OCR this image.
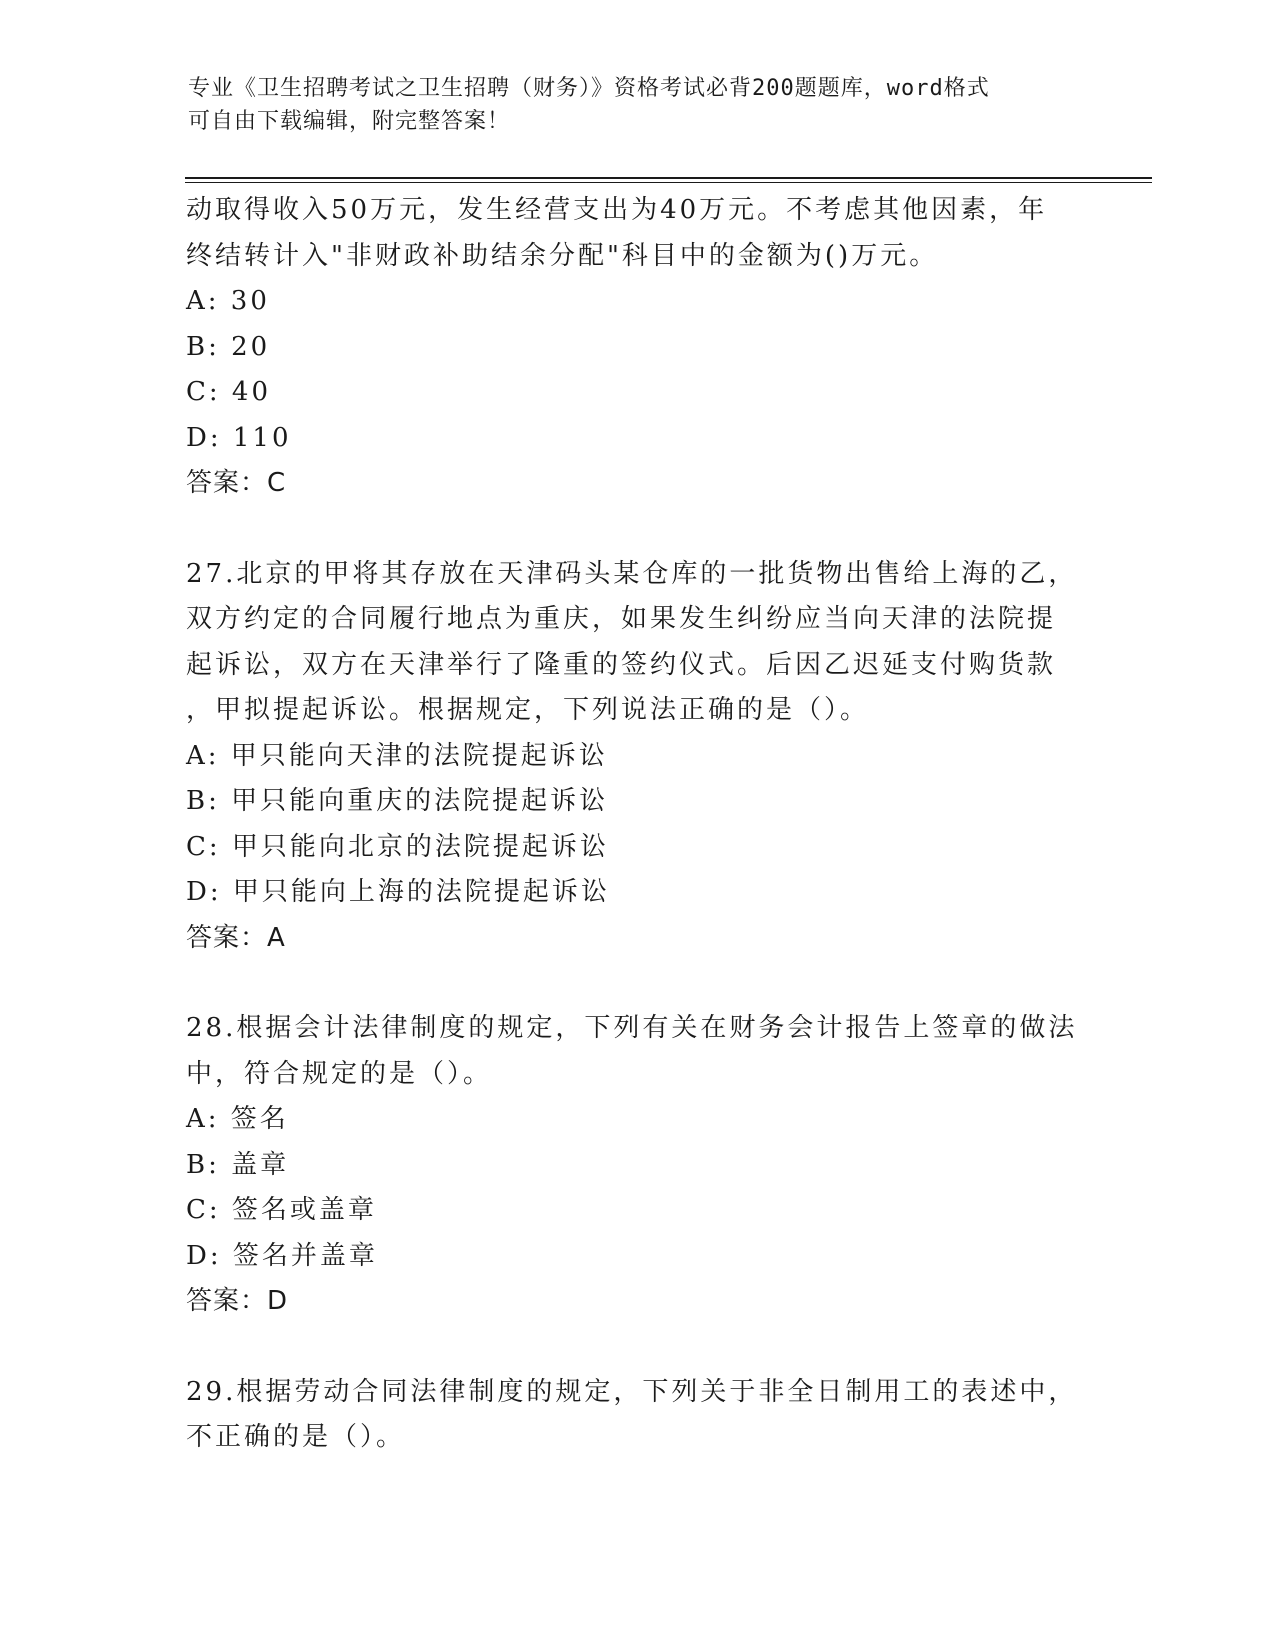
专业《卫生招聘考试之卫生招聘（财务）》资格考试必背200题题库，word格式
可自由下载编辑，附完整答案！
动取得收入50万元，发生经营支出为40万元。不考虑其他因素，年
终结转计入"非财政补助结余分配"科目中的金额为()万元。
A: 30
B: 20
C: 40
D: 110
答案：C
27.北京的甲将其存放在天津码头某仓库的一批货物出售给上海的乙，
双方约定的合同履行地点为重庆，如果发生纠纷应当向天津的法院提
起诉讼，双方在天津举行了隆重的签约仪式。后因乙迟延支付购货款
，甲拟提起诉讼。根据规定，下列说法正确的是（）。
A: 甲只能向天津的法院提起诉讼
B: 甲只能向重庆的法院提起诉讼
C: 甲只能向北京的法院提起诉讼
D: 甲只能向上海的法院提起诉讼
答案：A
28.根据会计法律制度的规定，下列有关在财务会计报告上签章的做法
中，符合规定的是（）。
A: 签名
B: 盖章
C: 签名或盖章
D: 签名并盖章
答案：D
29.根据劳动合同法律制度的规定，下列关于非全日制用工的表述中，
不正确的是（）。
